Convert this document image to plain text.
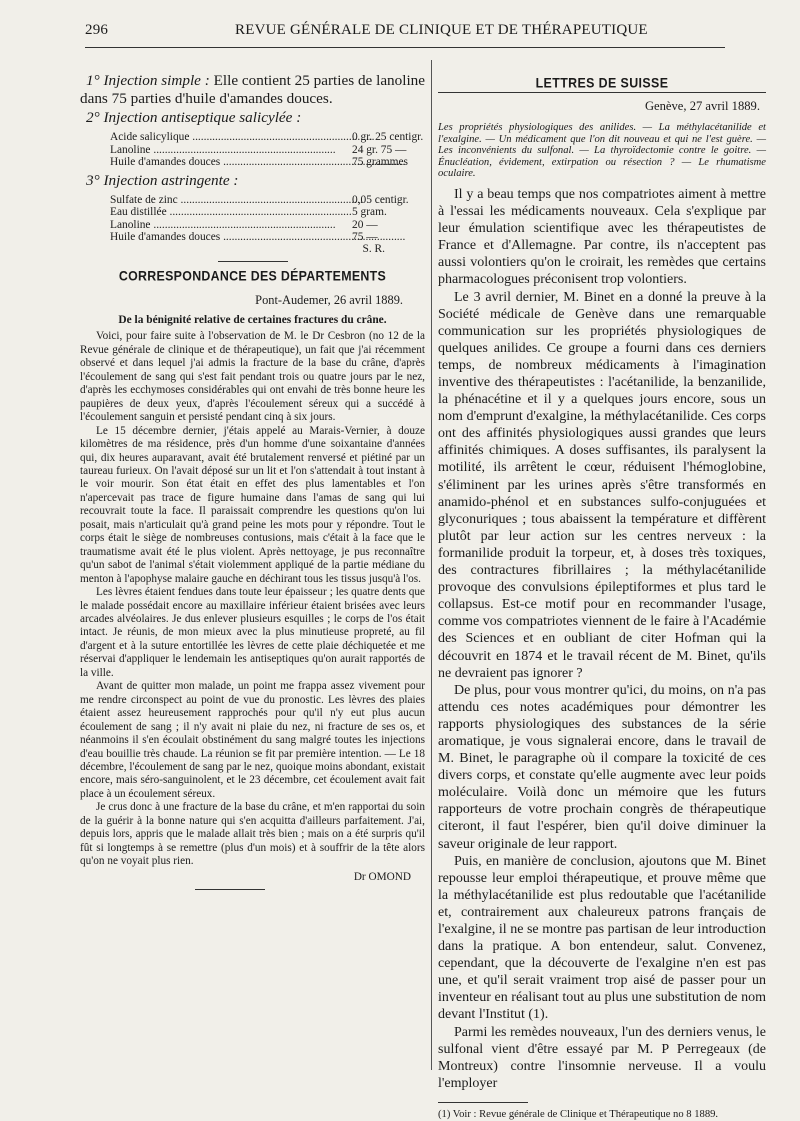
296	REVUE GÉNÉRALE DE CLINIQUE ET DE THÉRAPEUTIQUE

1° Injection simple : Elle contient 25 parties de lanoline dans 75 parties d'huile d'amandes douces.

2° Injection antiseptique salicylée :

Acide salicylique .....	0 gr. 25 centigr.
Lanoline .....	24 gr. 75 —
Huile d'amandes douces .....	75 grammes

3° Injection astringente :

Sulfate de zinc .....	0,05 centigr.
Eau distillée .....	5 gram.
Lanoline .....	20 —
Huile d'amandes douces .....	75 —
S. R.
CORRESPONDANCE DES DÉPARTEMENTS
Pont-Audemer, 26 avril 1889.
De la bénignité relative de certaines fractures du crâne.

Voici, pour faire suite à l'observation de M. le Dr Cesbron (no 12 de la Revue générale de clinique et de thérapeutique), un fait que j'ai récemment observé et dans lequel j'ai admis la fracture de la base du crâne, d'après l'écoulement de sang qui s'est fait pendant trois ou quatre jours par le nez, d'après les ecchymoses considérables qui ont envahi de très bonne heure les paupières de deux yeux, d'après l'écoulement séreux qui a succédé à l'écoulement sanguin et persisté pendant cinq à six jours.

Le 15 décembre dernier, j'étais appelé au Marais-Vernier, à douze kilomètres de ma résidence, près d'un homme d'une soixantaine d'années qui, dix heures auparavant, avait été brutalement renversé et piétiné par un taureau furieux. On l'avait déposé sur un lit et l'on s'attendait à tout instant à le voir mourir. Son état était en effet des plus lamentables et l'on n'apercevait pas trace de figure humaine dans l'amas de sang qui lui recouvrait toute la face. Il paraissait comprendre les questions qu'on lui posait, mais n'articulait qu'à grand peine les mots pour y répondre. Tout le corps était le siège de nombreuses contusions, mais c'était à la face que le traumatisme avait été le plus violent. Après nettoyage, je pus reconnaître qu'un sabot de l'animal s'était violemment appliqué de la partie médiane du menton à l'apophyse malaire gauche en déchirant tous les tissus jusqu'à l'os.

Les lèvres étaient fendues dans toute leur épaisseur ; les quatre dents que le malade possédait encore au maxillaire inférieur étaient brisées avec leurs arcades alvéolaires. Je dus enlever plusieurs esquilles ; le corps de l'os était intact. Je réunis, de mon mieux avec la plus minutieuse propreté, au fil d'argent et à la suture entortillée les lèvres de cette plaie déchiquetée et me réservai d'appliquer le lendemain les antiseptiques qu'on aurait rapportés de la ville.

Avant de quitter mon malade, un point me frappa assez vivement pour me rendre circonspect au point de vue du pronostic. Les lèvres des plaies étaient assez heureusement rapprochés pour qu'il n'y eut plus aucun écoulement de sang ; il n'y avait ni plaie du nez, ni fracture de ses os, et néanmoins il s'en écoulait obstinément du sang malgré toutes les injections d'eau bouillie très chaude. La réunion se fit par première intention. — Le 18 décembre, l'écoulement de sang par le nez, quoique moins abondant, existait encore, mais séro-sanguinolent, et le 23 décembre, cet écoulement avait fait place à un écoulement séreux.

Je crus donc à une fracture de la base du crâne, et m'en rapportai du soin de la guérir à la bonne nature qui s'en acquitta d'ailleurs parfaitement. J'ai, depuis lors, appris que le malade allait très bien ; mais on a été surpris qu'il fût si longtemps à se remettre (plus d'un mois) et à souffrir de la tête alors qu'on ne voyait plus rien.

Dr OMOND
LETTRES DE SUISSE
Genève, 27 avril 1889.
Les propriétés physiologiques des anilides. — La méthylacétanilide et l'exalgine. — Un médicament que l'on dit nouveau et qui ne l'est guère. — Les inconvénients du sulfonal. — La thyroïdectomie contre le goitre. — Énucléation, évidement, extirpation ou résection ? — Le rhumatisme oculaire.

Il y a beau temps que nos compatriotes aiment à mettre à l'essai les médicaments nouveaux. Cela s'explique par leur émulation scientifique avec les thérapeutistes de France et d'Allemagne. Par contre, ils n'acceptent pas aussi volontiers qu'on le croirait, les remèdes que certains pharmacologues préconisent trop volontiers.

Le 3 avril dernier, M. Binet en a donné la preuve à la Société médicale de Genève dans une remarquable communication sur les propriétés physiologiques de quelques anilides. Ce groupe a fourni dans ces derniers temps, de nombreux médicaments à l'imagination inventive des thérapeutistes : l'acétanilide, la benzanilide, la phénacétine et il y a quelques jours encore, sous un nom d'emprunt d'exalgine, la méthylacétanilide. Ces corps ont des affinités physiologiques aussi grandes que leurs affinités chimiques. A doses suffisantes, ils paralysent la motilité, ils arrêtent le cœur, réduisent l'hémoglobine, s'éliminent par les urines après s'être transformés en anamido-phénol et en substances sulfo-conjuguées et glyconuriques ; tous abaissent la température et diffèrent plutôt par leur action sur les centres nerveux : la formanilide produit la torpeur, et, à doses très toxiques, des contractures fibrillaires ; la méthylacétanilide provoque des convulsions épileptiformes et plus tard le collapsus. Est-ce motif pour en recommander l'usage, comme vos compatriotes viennent de le faire à l'Académie des Sciences et en oubliant de citer Hofman qui la découvrit en 1874 et le travail récent de M. Binet, qu'ils ne devraient pas ignorer ?

De plus, pour vous montrer qu'ici, du moins, on n'a pas attendu ces notes académiques pour démontrer les rapports physiologiques des substances de la série aromatique, je vous signalerai encore, dans le travail de M. Binet, le paragraphe où il compare la toxicité de ces divers corps, et constate qu'elle augmente avec leur poids moléculaire. Voilà donc un mémoire que les futurs rapporteurs de votre prochain congrès de thérapeutique citeront, il faut l'espérer, bien qu'il doive diminuer la saveur originale de leur rapport.

Puis, en manière de conclusion, ajoutons que M. Binet repousse leur emploi thérapeutique, et prouve même que la méthylacétanilide est plus redoutable que l'acétanilide et, contrairement aux chaleureux patrons français de l'exalgine, il ne se montre pas partisan de leur introduction dans la pratique. A bon entendeur, salut. Convenez, cependant, que la découverte de l'exalgine n'en est pas une, et qu'il serait vraiment trop aisé de passer pour un inventeur en réalisant tout au plus une substitution de nom devant l'Institut (1).

Parmi les remèdes nouveaux, l'un des derniers venus, le sulfonal vient d'être essayé par M. P Perregeaux (de Montreux) contre l'insomnie nerveuse. Il a voulu l'employer

(1) Voir : Revue générale de Clinique et Thérapeutique no 8 1889.
